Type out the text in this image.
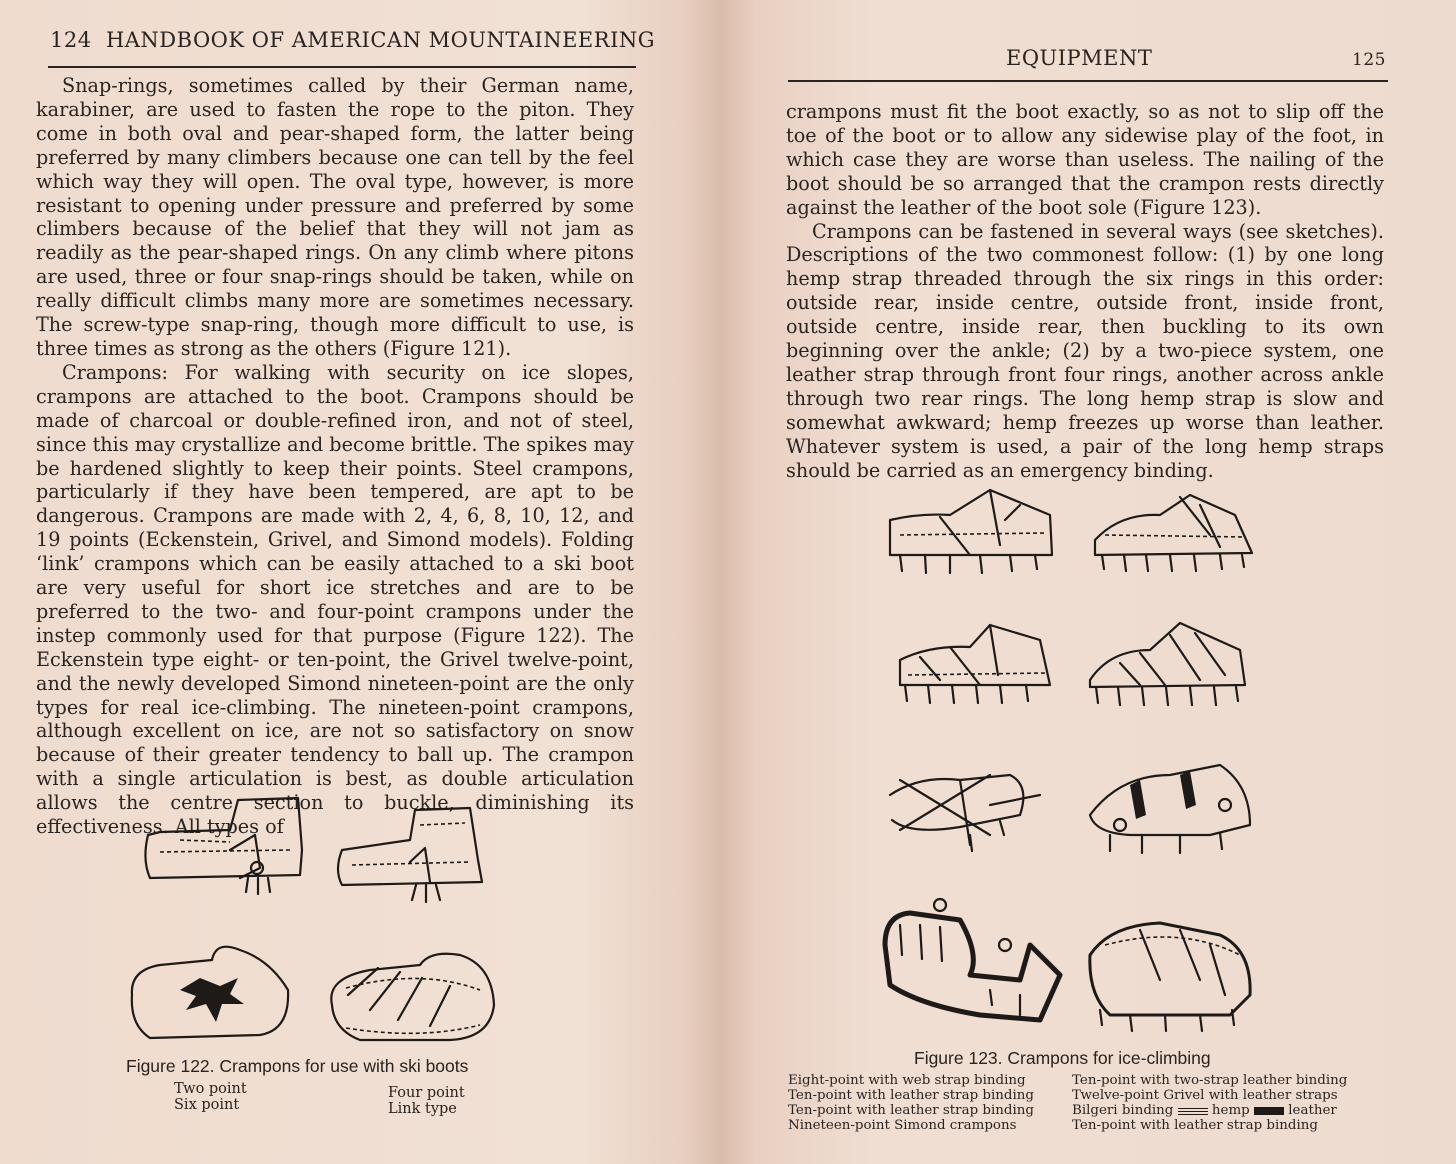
124 HANDBOOK OF AMERICAN MOUNTAINEERING

Snap-rings, sometimes called by their German name, karabiner, are used to fasten the rope to the piton. They come in both oval and pear-shaped form, the latter being preferred by many climbers because one can tell by the feel which way they will open. The oval type, however, is more resistant to opening under pressure and preferred by some climbers because of the belief that they will not jam as readily as the pear-shaped rings. On any climb where pitons are used, three or four snap-rings should be taken, while on really difficult climbs many more are sometimes necessary. The screw-type snap-ring, though more difficult to use, is three times as strong as the others (Figure 121).

Crampons: For walking with security on ice slopes, crampons are attached to the boot. Crampons should be made of charcoal or double-refined iron, and not of steel, since this may crystallize and become brittle. The spikes may be hardened slightly to keep their points. Steel crampons, particularly if they have been tempered, are apt to be dangerous. Crampons are made with 2, 4, 6, 8, 10, 12, and 19 points (Eckenstein, Grivel, and Simond models). Folding ‘link’ crampons which can be easily attached to a ski boot are very useful for short ice stretches and are to be preferred to the two- and four-point crampons under the instep commonly used for that purpose (Figure 122). The Eckenstein type eight- or ten-point, the Grivel twelve-point, and the newly developed Simond nineteen-point are the only types for real ice-climbing. The nineteen-point crampons, although excellent on ice, are not so satisfactory on snow because of their greater tendency to ball up. The crampon with a single articulation is best, as double articulation allows the centre section to buckle, diminishing its effectiveness. All types of

Figure 122. Crampons for use with ski boots
Two point
Six point
Four point
Link type
EQUIPMENT	125

crampons must fit the boot exactly, so as not to slip off the toe of the boot or to allow any sidewise play of the foot, in which case they are worse than useless. The nailing of the boot should be so arranged that the crampon rests directly against the leather of the boot sole (Figure 123).

Crampons can be fastened in several ways (see sketches). Descriptions of the two commonest follow: (1) by one long hemp strap threaded through the six rings in this order: outside rear, inside centre, outside front, inside front, outside centre, inside rear, then buckling to its own beginning over the ankle; (2) by a two-piece system, one leather strap through front four rings, another across ankle through two rear rings. The long hemp strap is slow and somewhat awkward; hemp freezes up worse than leather. Whatever system is used, a pair of the long hemp straps should be carried as an emergency binding.

Figure 123. Crampons for ice-climbing
Eight-point with web strap binding
Ten-point with leather strap binding
Ten-point with leather strap binding
Nineteen-point Simond crampons
Ten-point with two-strap leather binding
Twelve-point Grivel with leather straps
Bilgeri binding	hemp	leather
Ten-point with leather strap binding
